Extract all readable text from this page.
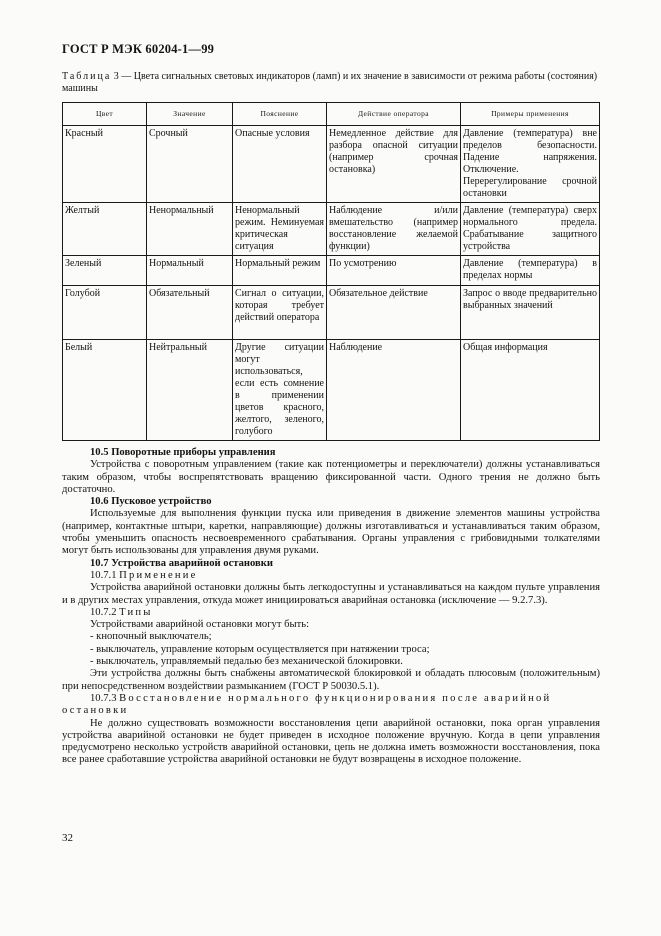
ГОСТ Р МЭК 60204-1—99
Таблица 3 — Цвета сигнальных световых индикаторов (ламп) и их значение в зависимости от режима работы (состояния) машины
Цвет	Значение	Пояснение	Действие оператора	Примеры применения
Красный	Срочный	Опасные условия	Немедленное действие для разбора опасной ситуации (например срочная остановка)	Давление (температура) вне пределов безопасности. Падение напряжения. Отключение. Перерегулирование срочной остановки
Желтый	Ненормальный	Ненормальный режим. Неминуемая критическая ситуация	Наблюдение и/или вмешательство (например восстановление желаемой функции)	Давление (температура) сверх нормального предела. Срабатывание защитного устройства
Зеленый	Нормальный	Нормальный режим	По усмотрению	Давление (температура) в пределах нормы
Голубой	Обязательный	Сигнал о ситуации, которая требует действий оператора	Обязательное действие	Запрос о вводе предварительно выбранных значений
Белый	Нейтральный	Другие ситуации могут использоваться, если есть сомнение в применении цветов красного, желтого, зеленого, голубого	Наблюдение	Общая информация

10.5 Поворотные приборы управления

Устройства с поворотным управлением (такие как потенциометры и переключатели) должны устанавливаться таким образом, чтобы воспрепятствовать вращению фиксированной части. Одного трения не должно быть достаточно.

10.6 Пусковое устройство

Используемые для выполнения функции пуска или приведения в движение элементов машины устройства (например, контактные штыри, каретки, направляющие) должны изготавливаться и устанавливаться таким образом, чтобы уменьшить опасность несвоевременного срабатывания. Органы управления с грибовидными толкателями могут быть использованы для управления двумя руками.

10.7 Устройства аварийной остановки

10.7.1 Применение

Устройства аварийной остановки должны быть легкодоступны и устанавливаться на каждом пульте управления и в других местах управления, откуда может инициироваться аварийная остановка (исключение — 9.2.7.3).

10.7.2 Типы

Устройствами аварийной остановки могут быть:

- кнопочный выключатель;

- выключатель, управление которым осуществляется при натяжении троса;

- выключатель, управляемый педалью без механической блокировки.

Эти устройства должны быть снабжены автоматической блокировкой и обладать плюсовым (положительным) при непосредственном воздействии размыканием (ГОСТ Р 50030.5.1).

10.7.3 Восстановление нормального функционирования после аварийной остановки

Не должно существовать возможности восстановления цепи аварийной остановки, пока орган управления устройства аварийной остановки не будет приведен в исходное положение вручную. Когда в цепи управления предусмотрено несколько устройств аварийной остановки, цепь не должна иметь возможности восстановления, пока все ранее сработавшие устройства аварийной остановки не будут возвращены в исходное положение.

32
